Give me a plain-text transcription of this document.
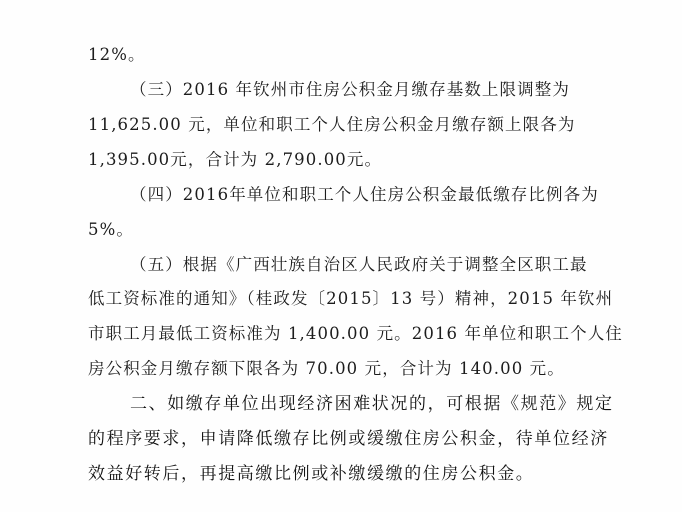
12%。
（三）2016 年钦州市住房公积金月缴存基数上限调整为
11,625.00 元，单位和职工个人住房公积金月缴存额上限各为
1,395.00元，合计为 2,790.00元。
（四）2016年单位和职工个人住房公积金最低缴存比例各为
5%。
（五）根据《广西壮族自治区人民政府关于调整全区职工最
低工资标准的通知》（桂政发〔2015〕13 号）精神，2015 年钦州
市职工月最低工资标准为 1,400.00 元。2016 年单位和职工个人住
房公积金月缴存额下限各为 70.00 元，合计为 140.00 元。
二、如缴存单位出现经济困难状况的，可根据《规范》规定
的程序要求，申请降低缴存比例或缓缴住房公积金，待单位经济
效益好转后，再提高缴比例或补缴缓缴的住房公积金。
